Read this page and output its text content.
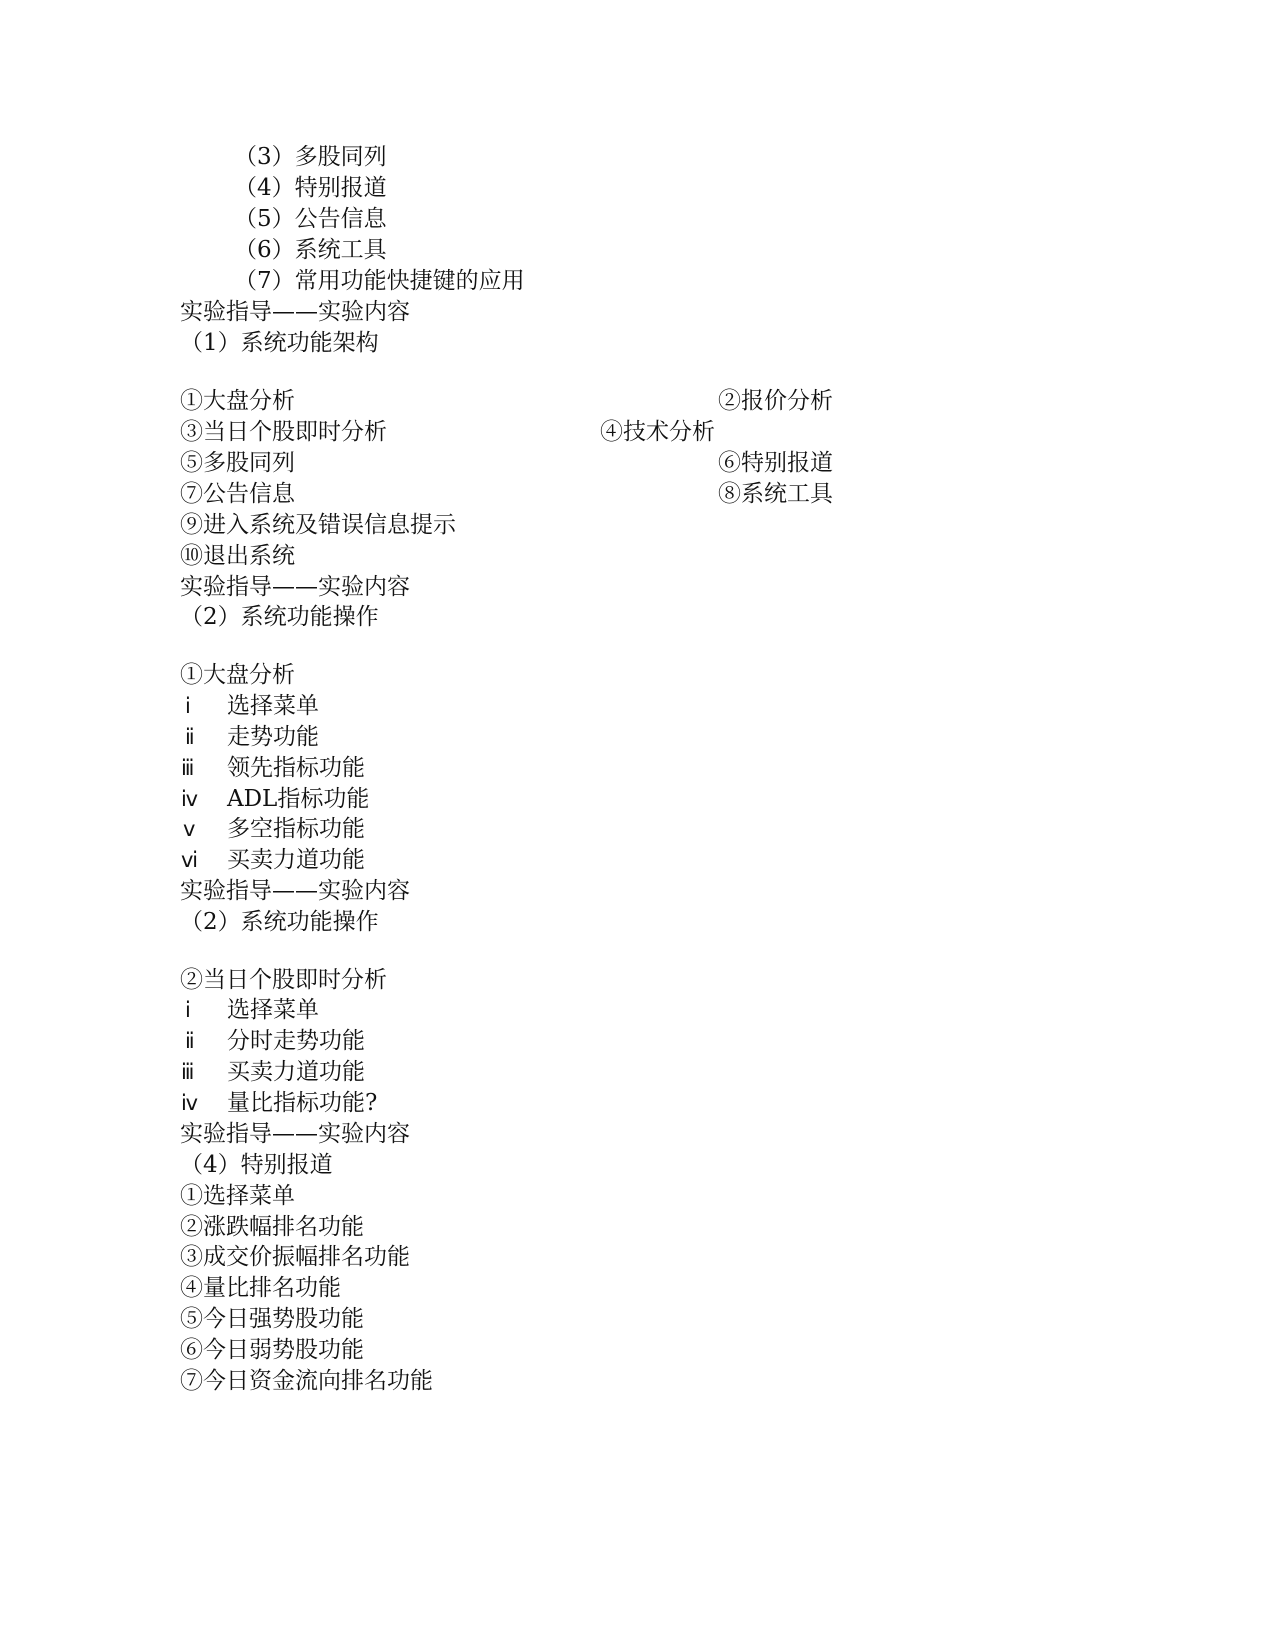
（3）多股同列
（4）特别报道
（5）公告信息
（6）系统工具
（7）常用功能快捷键的应用
实验指导——实验内容
（1）系统功能架构
①大盘分析	②报价分析
③当日个股即时分析	④技术分析
⑤多股同列	⑥特别报道
⑦公告信息	⑧系统工具
⑨进入系统及错误信息提示
⑩退出系统
实验指导——实验内容
（2）系统功能操作
①大盘分析
ⅰ 选择菜单
ⅱ 走势功能
ⅲ 领先指标功能
ⅳ ADL指标功能
ⅴ 多空指标功能
ⅵ 买卖力道功能
实验指导——实验内容
（2）系统功能操作
②当日个股即时分析
ⅰ 选择菜单
ⅱ 分时走势功能
ⅲ 买卖力道功能
ⅳ 量比指标功能?
实验指导——实验内容
（4）特别报道
①选择菜单
②涨跌幅排名功能
③成交价振幅排名功能
④量比排名功能
⑤今日强势股功能
⑥今日弱势股功能
⑦今日资金流向排名功能
